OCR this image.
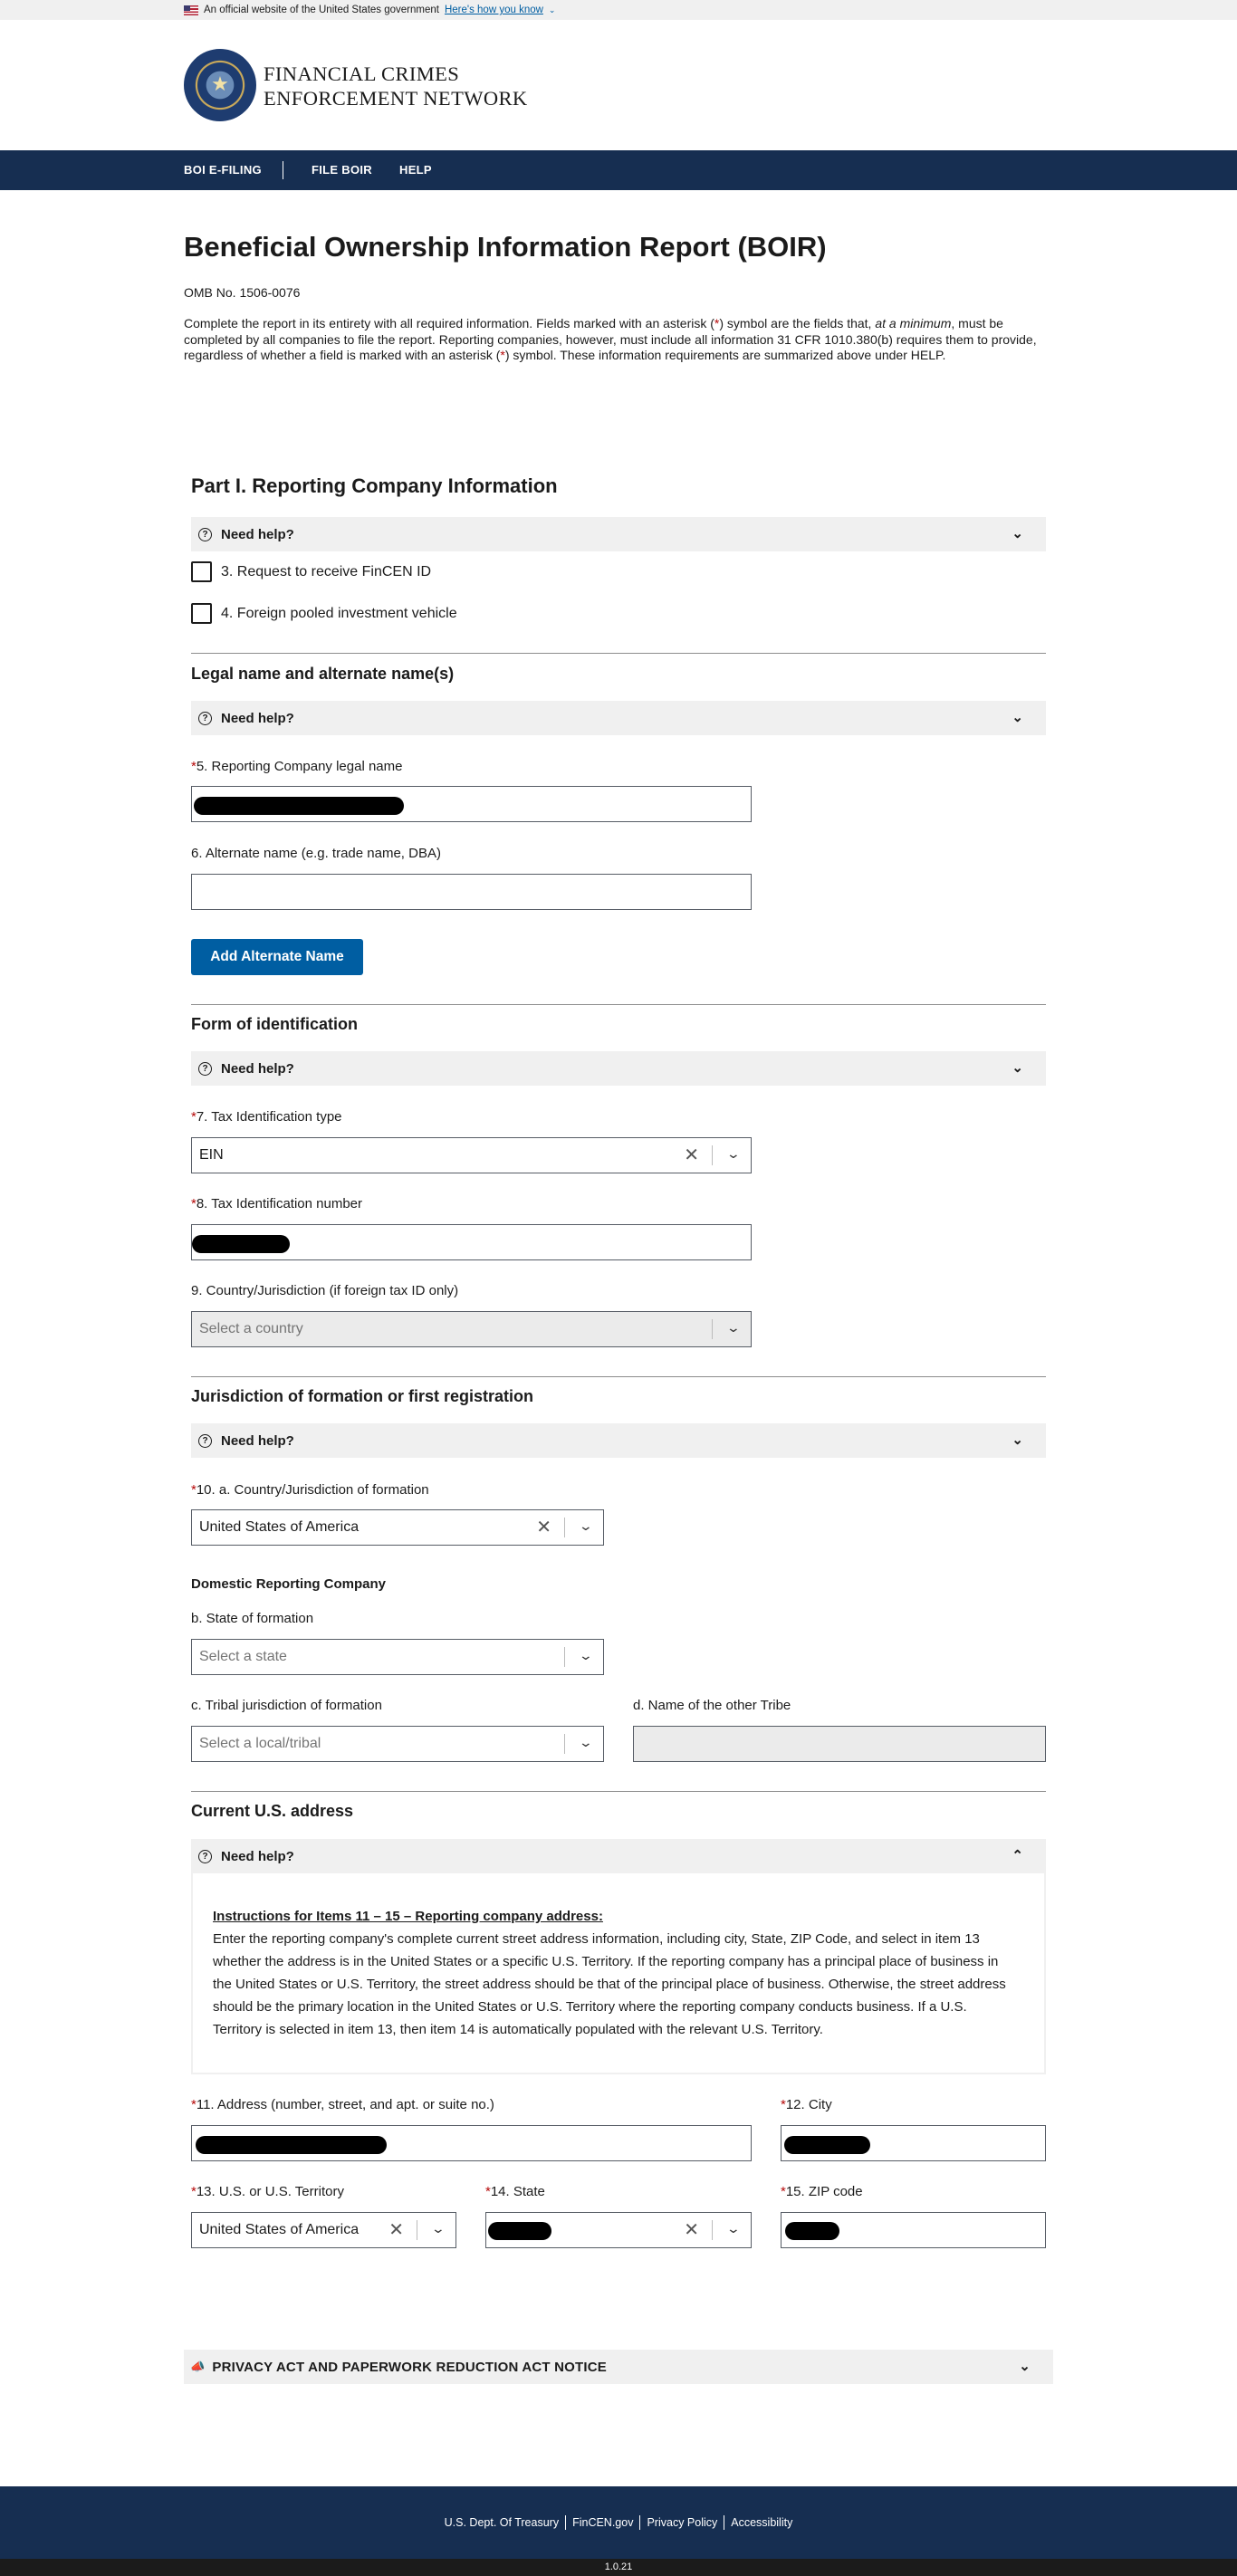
An official website of the United States government Here's how you know ⌄
★
FINANCIAL CRIMES
ENFORCEMENT NETWORK
BOI E-FILING	FILE BOIR HELP
Beneficial Ownership Information Report (BOIR)
OMB No. 1506-0076

Complete the report in its entirety with all required information. Fields marked with an asterisk (*) symbol are the fields that, at a minimum, must be completed by all companies to file the report. Reporting companies, however, must include all information 31 CFR 1010.380(b) requires them to provide, regardless of whether a field is marked with an asterisk (*) symbol. These information requirements are summarized above under HELP.

Part I. Reporting Company Information
? Need help?	⌄
3. Request to receive FinCEN ID
4. Foreign pooled investment vehicle
Legal name and alternate name(s)
? Need help?	⌄
*5. Reporting Company legal name
6. Alternate name (e.g. trade name, DBA)
Add Alternate Name
Form of identification
? Need help?	⌄
*7. Tax Identification type
EIN	✕ ⌄
*8. Tax Identification number
9. Country/Jurisdiction (if foreign tax ID only)
Select a country	⌄
Jurisdiction of formation or first registration
? Need help?	⌄
*10. a. Country/Jurisdiction of formation
United States of America	✕ ⌄
Domestic Reporting Company
b. State of formation
Select a state	⌄
c. Tribal jurisdiction of formation
Select a local/tribal	⌄
d. Name of the other Tribe
Current U.S. address
? Need help?	⌃
Instructions for Items 11 – 15 – Reporting company address:
Enter the reporting company's complete current street address information, including city, State, ZIP Code, and select in item 13 whether the address is in the United States or a specific U.S. Territory. If the reporting company has a principal place of business in the United States or U.S. Territory, the street address should be that of the principal place of business. Otherwise, the street address should be the primary location in the United States or U.S. Territory where the reporting company conducts business. If a U.S. Territory is selected in item 13, then item 14 is automatically populated with the relevant U.S. Territory.
*11. Address (number, street, and apt. or suite no.)	*12. City
*13. U.S. or U.S. Territory
United States of America ✕ ⌄
*14. State
✕ ⌄
*15. ZIP code
📣 PRIVACY ACT AND PAPERWORK REDUCTION ACT NOTICE	⌄
U.S. Dept. Of Treasury FinCEN.gov Privacy Policy Accessibility
1.0.21
